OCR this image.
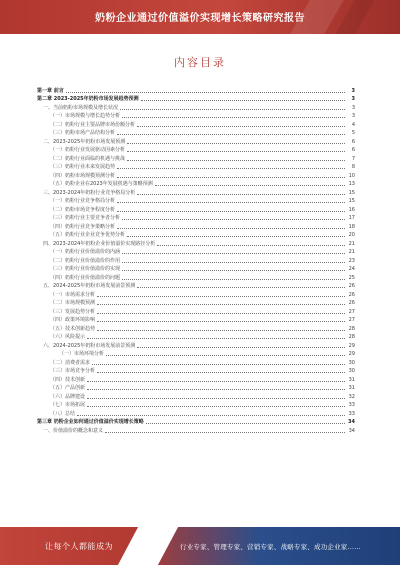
奶粉企业通过价值溢价实现增长策略研究报告
内容目录
第一章 前言	3
第二章 2023-2025年奶粉市场发展趋势预测	3
一、当前奶粉市场规模及增长状况	3
（一）市场规模与增长趋势分析	3
（二）奶粉行业主要品牌市场份额分析	4
（三）奶粉市场产品结构分析	5
二、2023-2025年奶粉市场发展预测	6
（一）奶粉行业发展驱动因素分析	6
（二）奶粉行业面临的机遇与挑战	7
（三）奶粉行业未来发展趋势	8
（四）奶粉市场规模预测分析	10
（五）奶粉企业在2023年发展机遇与策略预测	13
三、2023-2024年奶粉行业竞争格局分析	15
（一）奶粉行业竞争格局分析	15
（二）奶粉市场竞争程度分析	16
（三）奶粉行业主要竞争者分析	17
（四）奶粉行业竞争策略分析	18
（五）奶粉行业企业竞争优势分析	20
四、2023-2024年奶粉企业价值溢价实现路径分析	21
（一）奶粉行业价值溢价的内涵	21
（二）奶粉行业价值溢价的作用	23
（三）奶粉行业价值溢价的实现	24
（四）奶粉行业价值溢价的问题	25
五、2024-2025年奶粉市场发展前景预测	26
（一）市场需求分析	26
（二）市场规模预测	26
（三）发展趋势分析	27
（四）政策环境影响	27
（五）技术创新趋势	28
（六）风险提示	28
六、2024-2025年奶粉市场发展前景预测	29
（一）市场环境分析	29
（二）消费者需求	30
（三）市场竞争分析	30
（四）技术创新	31
（五）产品创新	31
（六）品牌建设	32
（七）市场拓展	33
（八）总结	33
第三章 奶粉企业如何通过价值溢价实现增长策略	34
一、价值溢价的概念和意义	34
让每个人都能成为	行业专家、管理专家、营销专家、战略专家、成功企业家……
